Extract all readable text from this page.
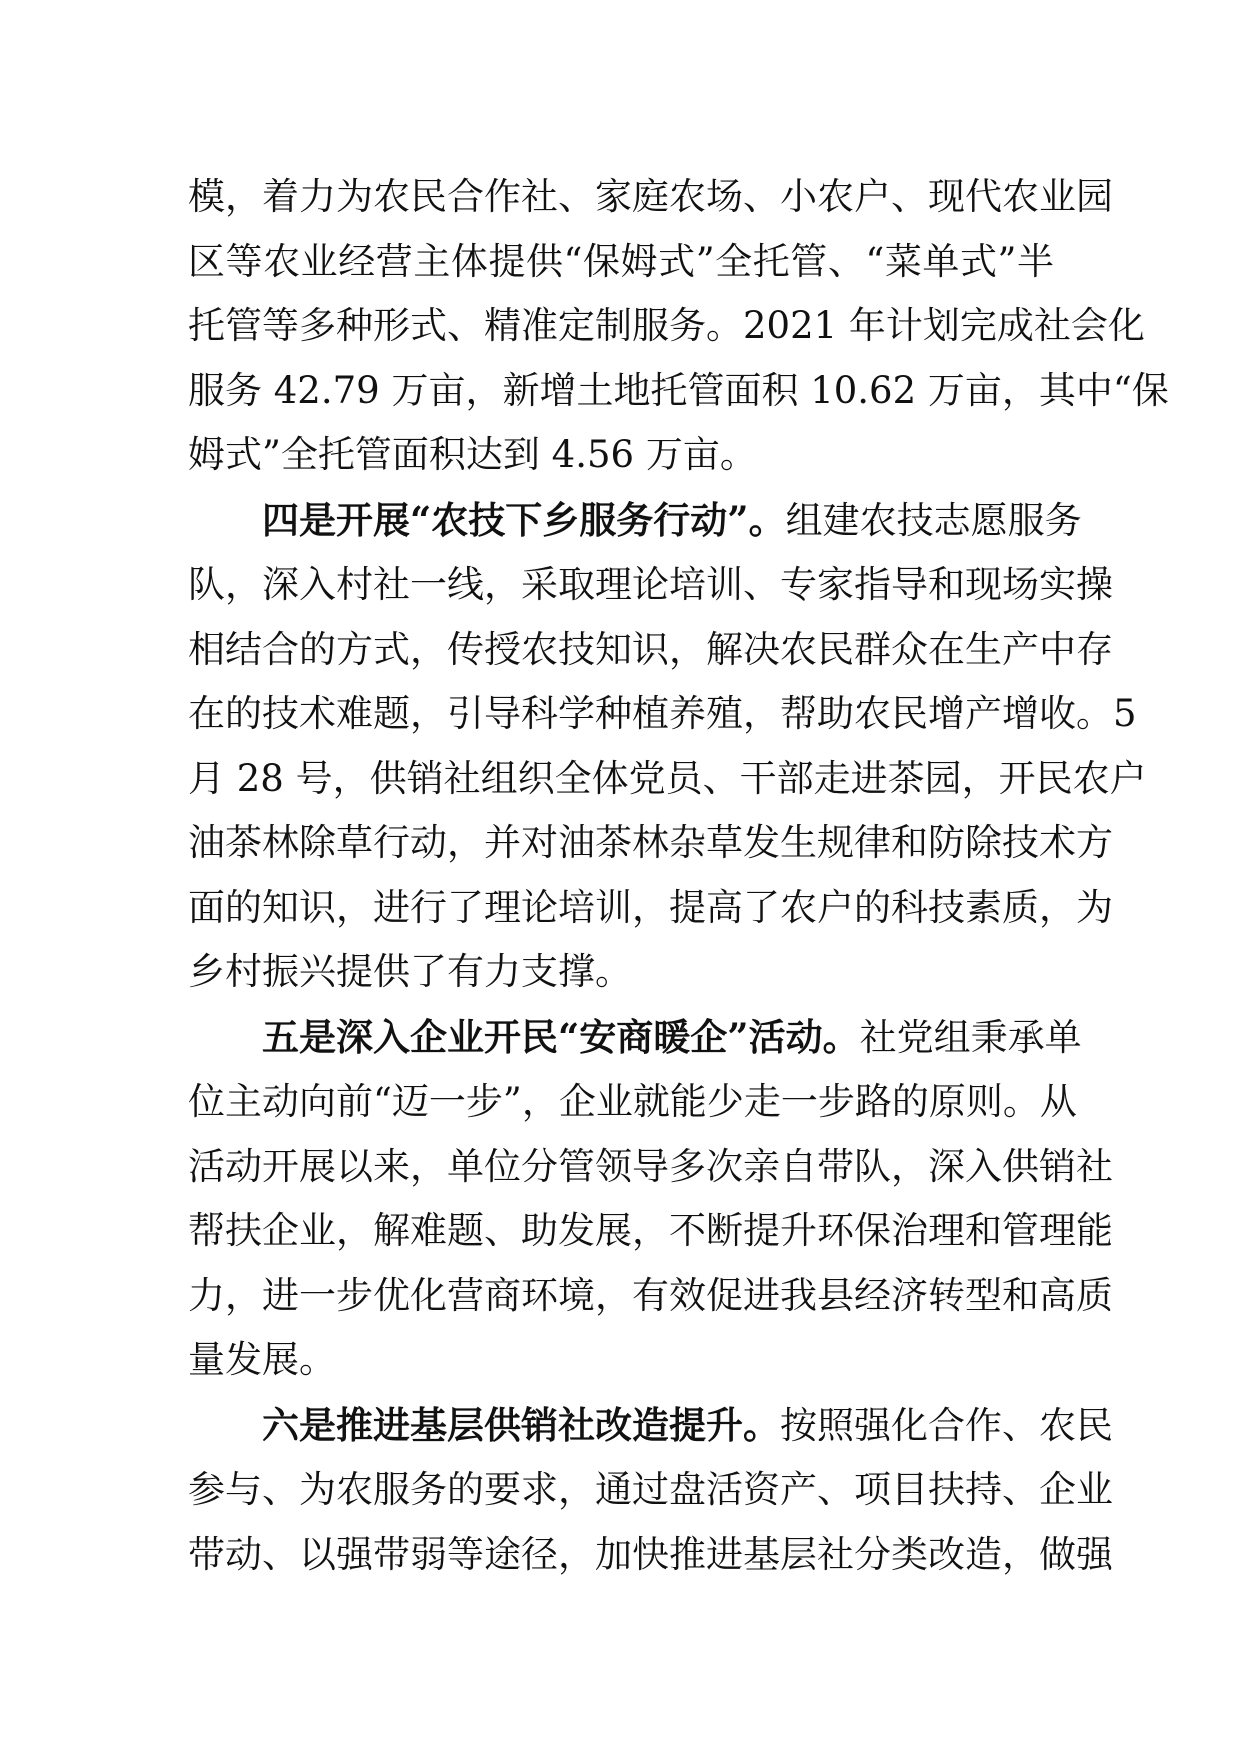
模，着力为农民合作社、家庭农场、小农户、现代农业园
区等农业经营主体提供“保姆式”全托管、“菜单式”半
托管等多种形式、精准定制服务。2021 年计划完成社会化
服务 42.79 万亩，新增土地托管面积 10.62 万亩，其中“保
姆式”全托管面积达到 4.56 万亩。
四是开展“农技下乡服务行动”。组建农技志愿服务
队，深入村社一线，采取理论培训、专家指导和现场实操
相结合的方式，传授农技知识，解决农民群众在生产中存
在的技术难题，引导科学种植养殖，帮助农民增产增收。5
月 28 号，供销社组织全体党员、干部走进茶园，开民农户
油茶林除草行动，并对油茶林杂草发生规律和防除技术方
面的知识，进行了理论培训，提高了农户的科技素质，为
乡村振兴提供了有力支撑。
五是深入企业开民“安商暖企”活动。社党组秉承单
位主动向前“迈一步”，企业就能少走一步路的原则。从
活动开展以来，单位分管领导多次亲自带队，深入供销社
帮扶企业，解难题、助发展，不断提升环保治理和管理能
力，进一步优化营商环境，有效促进我县经济转型和高质
量发展。
六是推进基层供销社改造提升。按照强化合作、农民
参与、为农服务的要求，通过盘活资产、项目扶持、企业
带动、以强带弱等途径，加快推进基层社分类改造，做强
